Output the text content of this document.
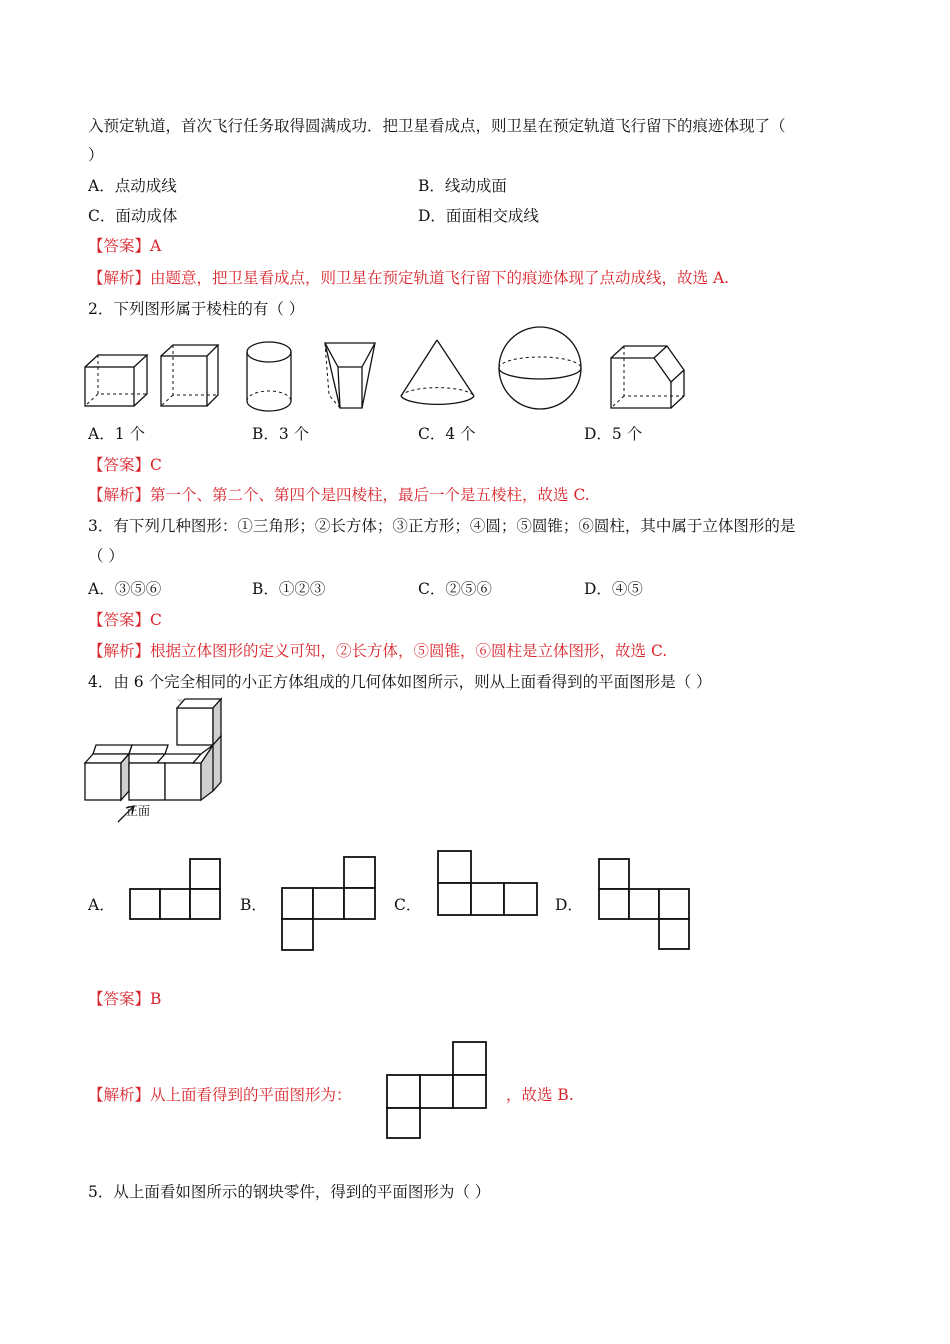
入预定轨道，首次飞行任务取得圆满成功．把卫星看成点，则卫星在预定轨道飞行留下的痕迹体现了（
）
A．点动成线	B．线动成面
C．面动成体	D．面面相交成线
【答案】A
【解析】由题意，把卫星看成点，则卫星在预定轨道飞行留下的痕迹体现了点动成线，故选 A.
2．下列图形属于棱柱的有（ ）
A．1 个	B．3 个	C．4 个	D．5 个
【答案】C
【解析】第一个、第二个、第四个是四棱柱，最后一个是五棱柱，故选 C.
3．有下列几种图形：①三角形；②长方体；③正方形；④圆；⑤圆锥；⑥圆柱，其中属于立体图形的是
（ ）
A．③⑤⑥	B．①②③	C．②⑤⑥	D．④⑤
【答案】C
【解析】根据立体图形的定义可知，②长方体，⑤圆锥，⑥圆柱是立体图形，故选 C.
4．由 6 个完全相同的小正方体组成的几何体如图所示，则从上面看得到的平面图形是（ ）
正面
A．	B．	C．	D．
【答案】B
【解析】从上面看得到的平面图形为：	，故选 B.
5．从上面看如图所示的钢块零件，得到的平面图形为（ ）
